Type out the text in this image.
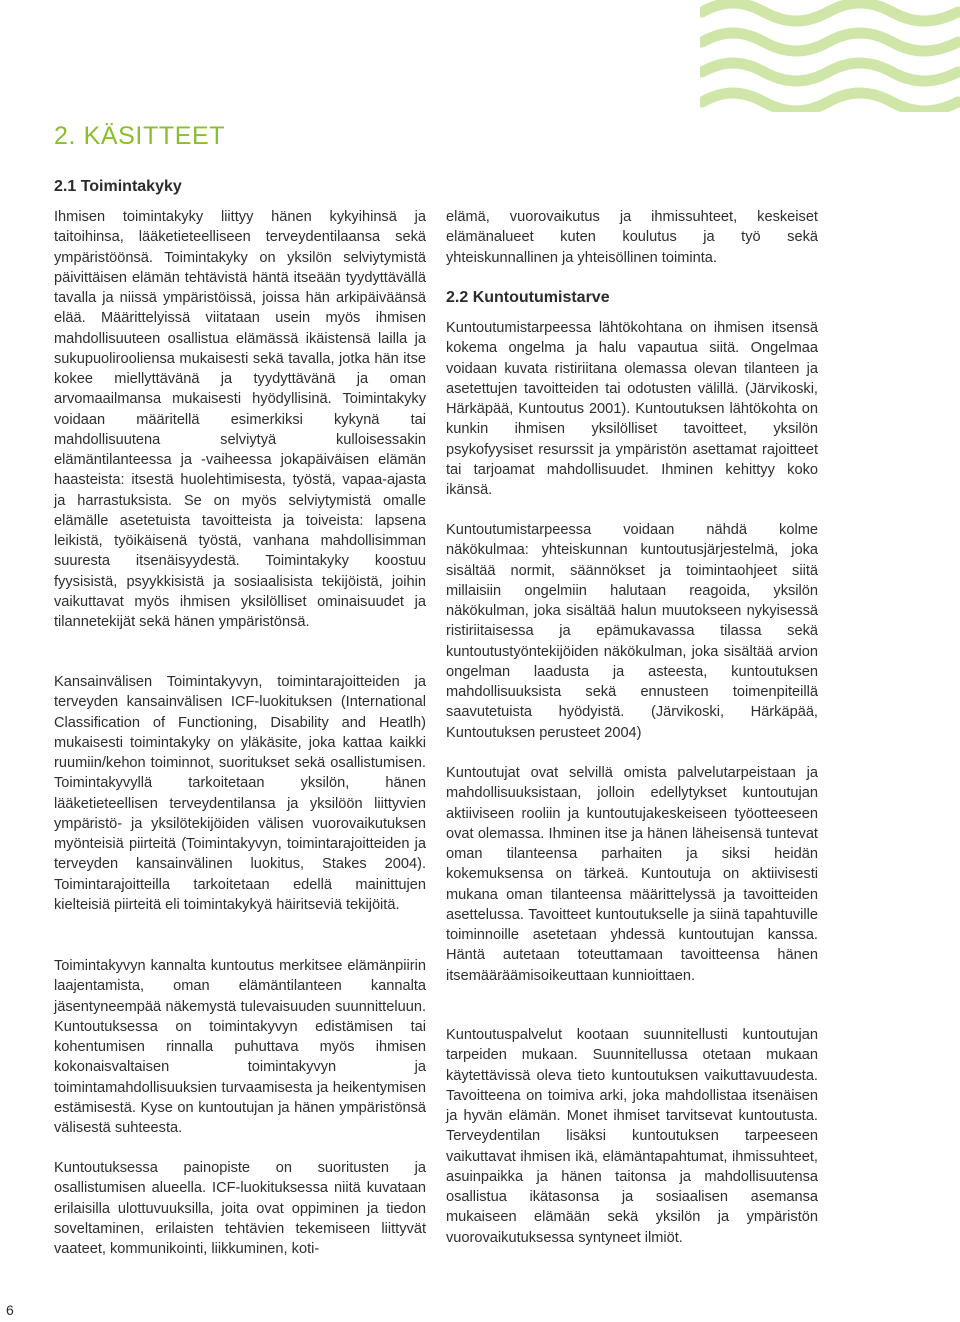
2. KÄSITTEET
2.1 Toimintakyky

Ihmisen toimintakyky liittyy hänen kykyihinsä ja taitoihinsa, lääketieteelliseen terveydentilaansa sekä ympäristöönsä. Toimintakyky on yksilön selviytymistä päivittäisen elämän tehtävistä häntä itseään tyydyttävällä tavalla ja niissä ympäristöissä, joissa hän arkipäiväänsä elää. Määrittelyissä viitataan usein myös ihmisen mahdollisuuteen osallistua elämässä ikäistensä lailla ja sukupuolirooliensa mukaisesti sekä tavalla, jotka hän itse kokee miellyttävänä ja tyydyttävänä ja oman arvomaailmansa mukaisesti hyödyllisinä. Toimintakyky voidaan määritellä esimerkiksi kykynä tai mahdollisuutena selviytyä kulloisessakin elämäntilanteessa ja -vaiheessa jokapäiväisen elämän haasteista: itsestä huolehtimisesta, työstä, vapaa-ajasta ja harrastuksista. Se on myös selviytymistä omalle elämälle asetetuista tavoitteista ja toiveista: lapsena leikistä, työikäisenä työstä, vanhana mahdollisimman suuresta itsenäisyydestä. Toimintakyky koostuu fyysisistä, psyykkisistä ja sosiaalisista tekijöistä, joihin vaikuttavat myös ihmisen yksilölliset ominaisuudet ja tilannetekijät sekä hänen ympäristönsä.

Kansainvälisen Toimintakyvyn, toimintarajoitteiden ja terveyden kansainvälisen ICF-luokituksen (International Classification of Functioning, Disability and Heatlh) mukaisesti toimintakyky on yläkäsite, joka kattaa kaikki ruumiin/kehon toiminnot, suoritukset sekä osallistumisen. Toimintakyvyllä tarkoitetaan yksilön, hänen lääketieteellisen terveydentilansa ja yksilöön liittyvien ympäristö- ja yksilötekijöiden välisen vuorovaikutuksen myönteisiä piirteitä (Toimintakyvyn, toimintarajoitteiden ja terveyden kansainvälinen luokitus, Stakes 2004). Toimintarajoitteilla tarkoitetaan edellä mainittujen kielteisiä piirteitä eli toimintakykyä häiritseviä tekijöitä.

Toimintakyvyn kannalta kuntoutus merkitsee elämänpiirin laajentamista, oman elämäntilanteen kannalta jäsentyneempää näkemystä tulevaisuuden suunnitteluun. Kuntoutuksessa on toimintakyvyn edistämisen tai kohentumisen rinnalla puhuttava myös ihmisen kokonaisvaltaisen toimintakyvyn ja toimintamahdollisuuksien turvaamisesta ja heikentymisen estämisestä. Kyse on kuntoutujan ja hänen ympäristönsä välisestä suhteesta.

Kuntoutuksessa painopiste on suoritusten ja osallistumisen alueella. ICF-luokituksessa niitä kuvataan erilaisilla ulottuvuuksilla, joita ovat oppiminen ja tiedon soveltaminen, erilaisten tehtävien tekemiseen liittyvät vaateet, kommunikointi, liikkuminen, koti-

elämä, vuorovaikutus ja ihmissuhteet, keskeiset elämänalueet kuten koulutus ja työ sekä yhteiskunnallinen ja yhteisöllinen toiminta.

2.2 Kuntoutumistarve

Kuntoutumistarpeessa lähtökohtana on ihmisen itsensä kokema ongelma ja halu vapautua siitä. Ongelmaa voidaan kuvata ristiriitana olemassa olevan tilanteen ja asetettujen tavoitteiden tai odotusten välillä. (Järvikoski, Härkäpää, Kuntoutus 2001). Kuntoutuksen lähtökohta on kunkin ihmisen yksilölliset tavoitteet, yksilön psykofyysiset resurssit ja ympäristön asettamat rajoitteet tai tarjoamat mahdollisuudet. Ihminen kehittyy koko ikänsä.

Kuntoutumistarpeessa voidaan nähdä kolme näkökulmaa: yhteiskunnan kuntoutusjärjestelmä, joka sisältää normit, säännökset ja toimintaohjeet siitä millaisiin ongelmiin halutaan reagoida, yksilön näkökulman, joka sisältää halun muutokseen nykyisessä ristiriitaisessa ja epämukavassa tilassa sekä kuntoutustyöntekijöiden näkökulman, joka sisältää arvion ongelman laadusta ja asteesta, kuntoutuksen mahdollisuuksista sekä ennusteen toimenpiteillä saavutetuista hyödyistä. (Järvikoski, Härkäpää, Kuntoutuksen perusteet 2004)

Kuntoutujat ovat selvillä omista palvelutarpeistaan ja mahdollisuuksistaan, jolloin edellytykset kuntoutujan aktiiviseen rooliin ja kuntoutujakeskeiseen työotteeseen ovat olemassa. Ihminen itse ja hänen läheisensä tuntevat oman tilanteensa parhaiten ja siksi heidän kokemuksensa on tärkeä. Kuntoutuja on aktiivisesti mukana oman tilanteensa määrittelyssä ja tavoitteiden asettelussa. Tavoitteet kuntoutukselle ja siinä tapahtuville toiminnoille asetetaan yhdessä kuntoutujan kanssa. Häntä autetaan toteuttamaan tavoitteensa hänen itsemääräämisoikeuttaan kunnioittaen.

Kuntoutuspalvelut kootaan suunnitellusti kuntoutujan tarpeiden mukaan. Suunnitellussa otetaan mukaan käytettävissä oleva tieto kuntoutuksen vaikuttavuudesta. Tavoitteena on toimiva arki, joka mahdollistaa itsenäisen ja hyvän elämän. Monet ihmiset tarvitsevat kuntoutusta. Terveydentilan lisäksi kuntoutuksen tarpeeseen vaikuttavat ihmisen ikä, elämäntapahtumat, ihmissuhteet, asuinpaikka ja hänen taitonsa ja mahdollisuutensa osallistua ikätasonsa ja sosiaalisen asemansa mukaiseen elämään sekä yksilön ja ympäristön vuorovaikutuksessa syntyneet ilmiöt.

6
